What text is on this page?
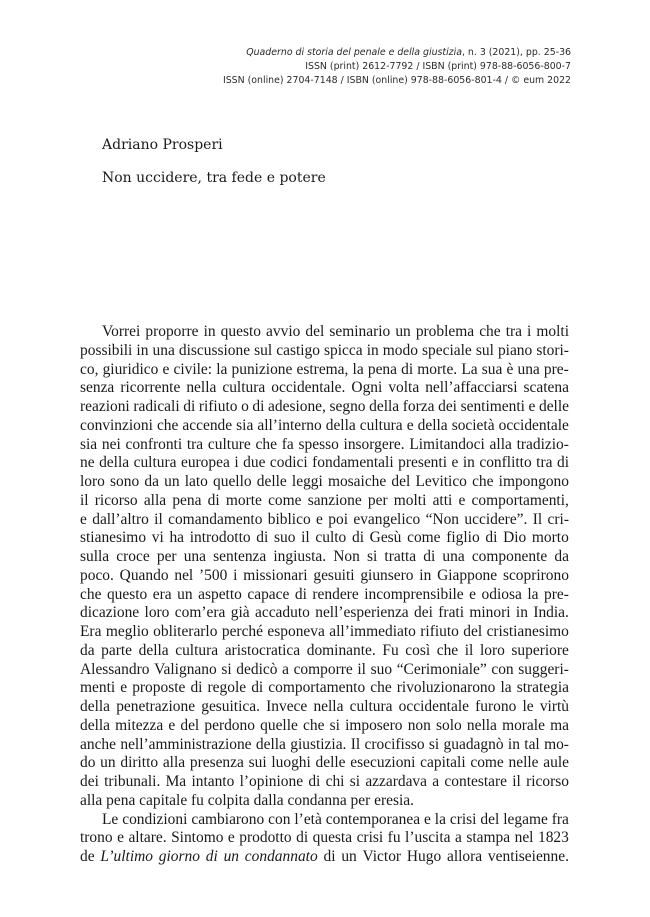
Quaderno di storia del penale e della giustizia, n. 3 (2021), pp. 25-36
ISSN (print) 2612-7792 / ISBN (print) 978-88-6056-800-7
ISSN (online) 2704-7148 / ISBN (online) 978-88-6056-801-4 / © eum 2022
Adriano Prosperi
Non uccidere, tra fede e potere
Vorrei proporre in questo avvio del seminario un problema che tra i molti
possibili in una discussione sul castigo spicca in modo speciale sul piano stori-
co, giuridico e civile: la punizione estrema, la pena di morte. La sua è una pre-
senza ricorrente nella cultura occidentale. Ogni volta nell’affacciarsi scatena
reazioni radicali di rifiuto o di adesione, segno della forza dei sentimenti e delle
convinzioni che accende sia all’interno della cultura e della società occidentale
sia nei confronti tra culture che fa spesso insorgere. Limitandoci alla tradizio-
ne della cultura europea i due codici fondamentali presenti e in conflitto tra di
loro sono da un lato quello delle leggi mosaiche del Levitico che impongono
il ricorso alla pena di morte come sanzione per molti atti e comportamenti,
e dall’altro il comandamento biblico e poi evangelico “Non uccidere”. Il cri-
stianesimo vi ha introdotto di suo il culto di Gesù come figlio di Dio morto
sulla croce per una sentenza ingiusta. Non si tratta di una componente da
poco. Quando nel ’500 i missionari gesuiti giunsero in Giappone scoprirono
che questo era un aspetto capace di rendere incomprensibile e odiosa la pre-
dicazione loro com’era già accaduto nell’esperienza dei frati minori in India.
Era meglio obliterarlo perché esponeva all’immediato rifiuto del cristianesimo
da parte della cultura aristocratica dominante. Fu così che il loro superiore
Alessandro Valignano si dedicò a comporre il suo “Cerimoniale” con suggeri-
menti e proposte di regole di comportamento che rivoluzionarono la strategia
della penetrazione gesuitica. Invece nella cultura occidentale furono le virtù
della mitezza e del perdono quelle che si imposero non solo nella morale ma
anche nell’amministrazione della giustizia. Il crocifisso si guadagnò in tal mo-
do un diritto alla presenza sui luoghi delle esecuzioni capitali come nelle aule
dei tribunali. Ma intanto l’opinione di chi si azzardava a contestare il ricorso
alla pena capitale fu colpita dalla condanna per eresia.
Le condizioni cambiarono con l’età contemporanea e la crisi del legame fra
trono e altare. Sintomo e prodotto di questa crisi fu l’uscita a stampa nel 1823
de L’ultimo giorno di un condannato di un Victor Hugo allora ventiseienne.
